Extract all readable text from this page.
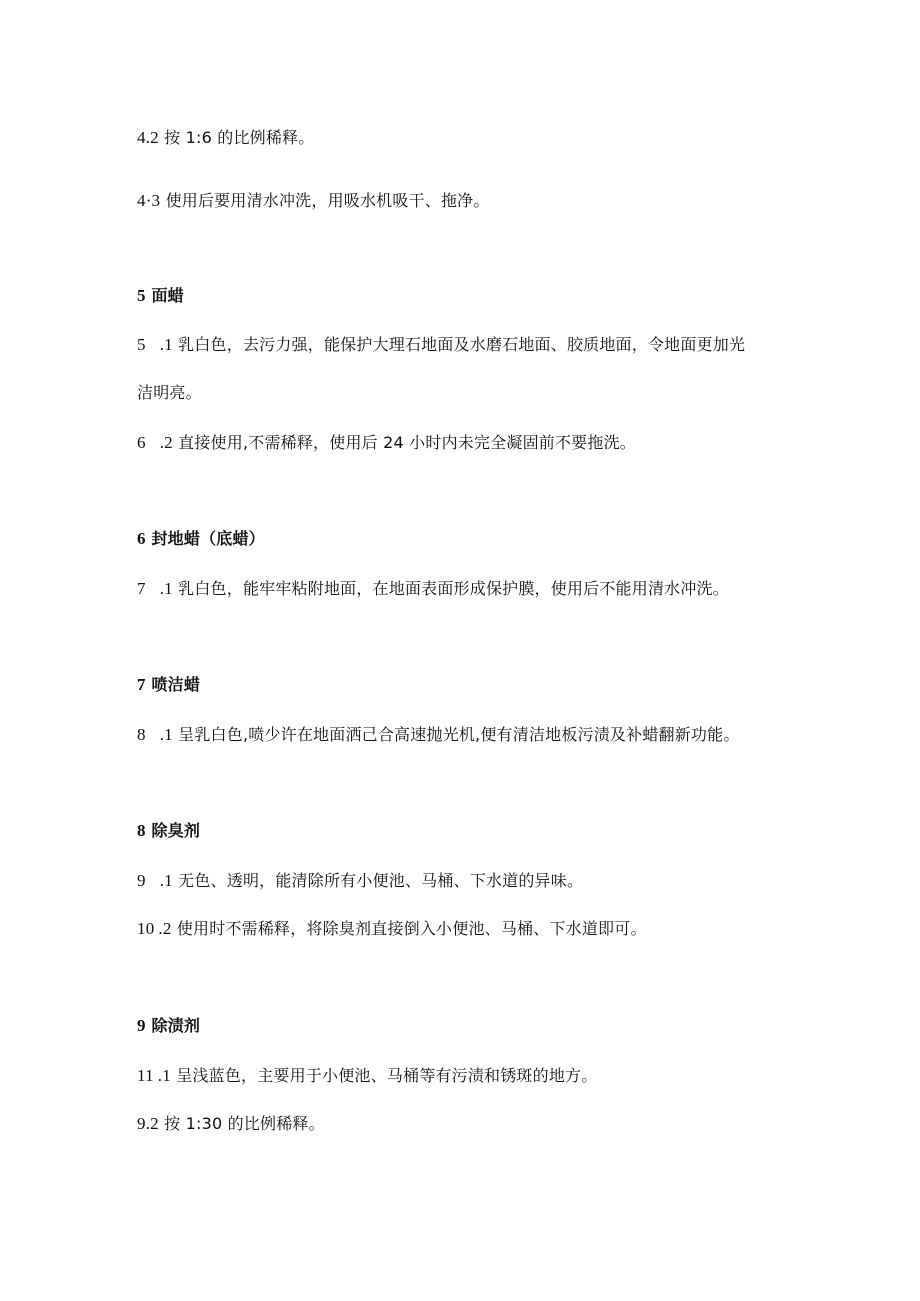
4.2 按 1:6 的比例稀释。
4·3 使用后要用清水冲洗，用吸水机吸干、拖净。
5 面蜡
5 .1 乳白色，去污力强，能保护大理石地面及水磨石地面、胶质地面，令地面更加光
洁明亮。
6 .2 直接使用,不需稀释，使用后 24 小时内未完全凝固前不要拖洗。
6 封地蜡（底蜡）
7 .1 乳白色，能牢牢粘附地面，在地面表面形成保护膜，使用后不能用清水冲洗。
7 喷洁蜡
8 .1 呈乳白色,喷少许在地面洒己合高速抛光机,便有清洁地板污渍及补蜡翻新功能。
8 除臭剂
9 .1 无色、透明，能清除所有小便池、马桶、下水道的异味。
10 .2 使用时不需稀释，将除臭剂直接倒入小便池、马桶、下水道即可。
9 除渍剂
11 .1 呈浅蓝色，主要用于小便池、马桶等有污渍和锈斑的地方。
9.2 按 1:30 的比例稀释。
